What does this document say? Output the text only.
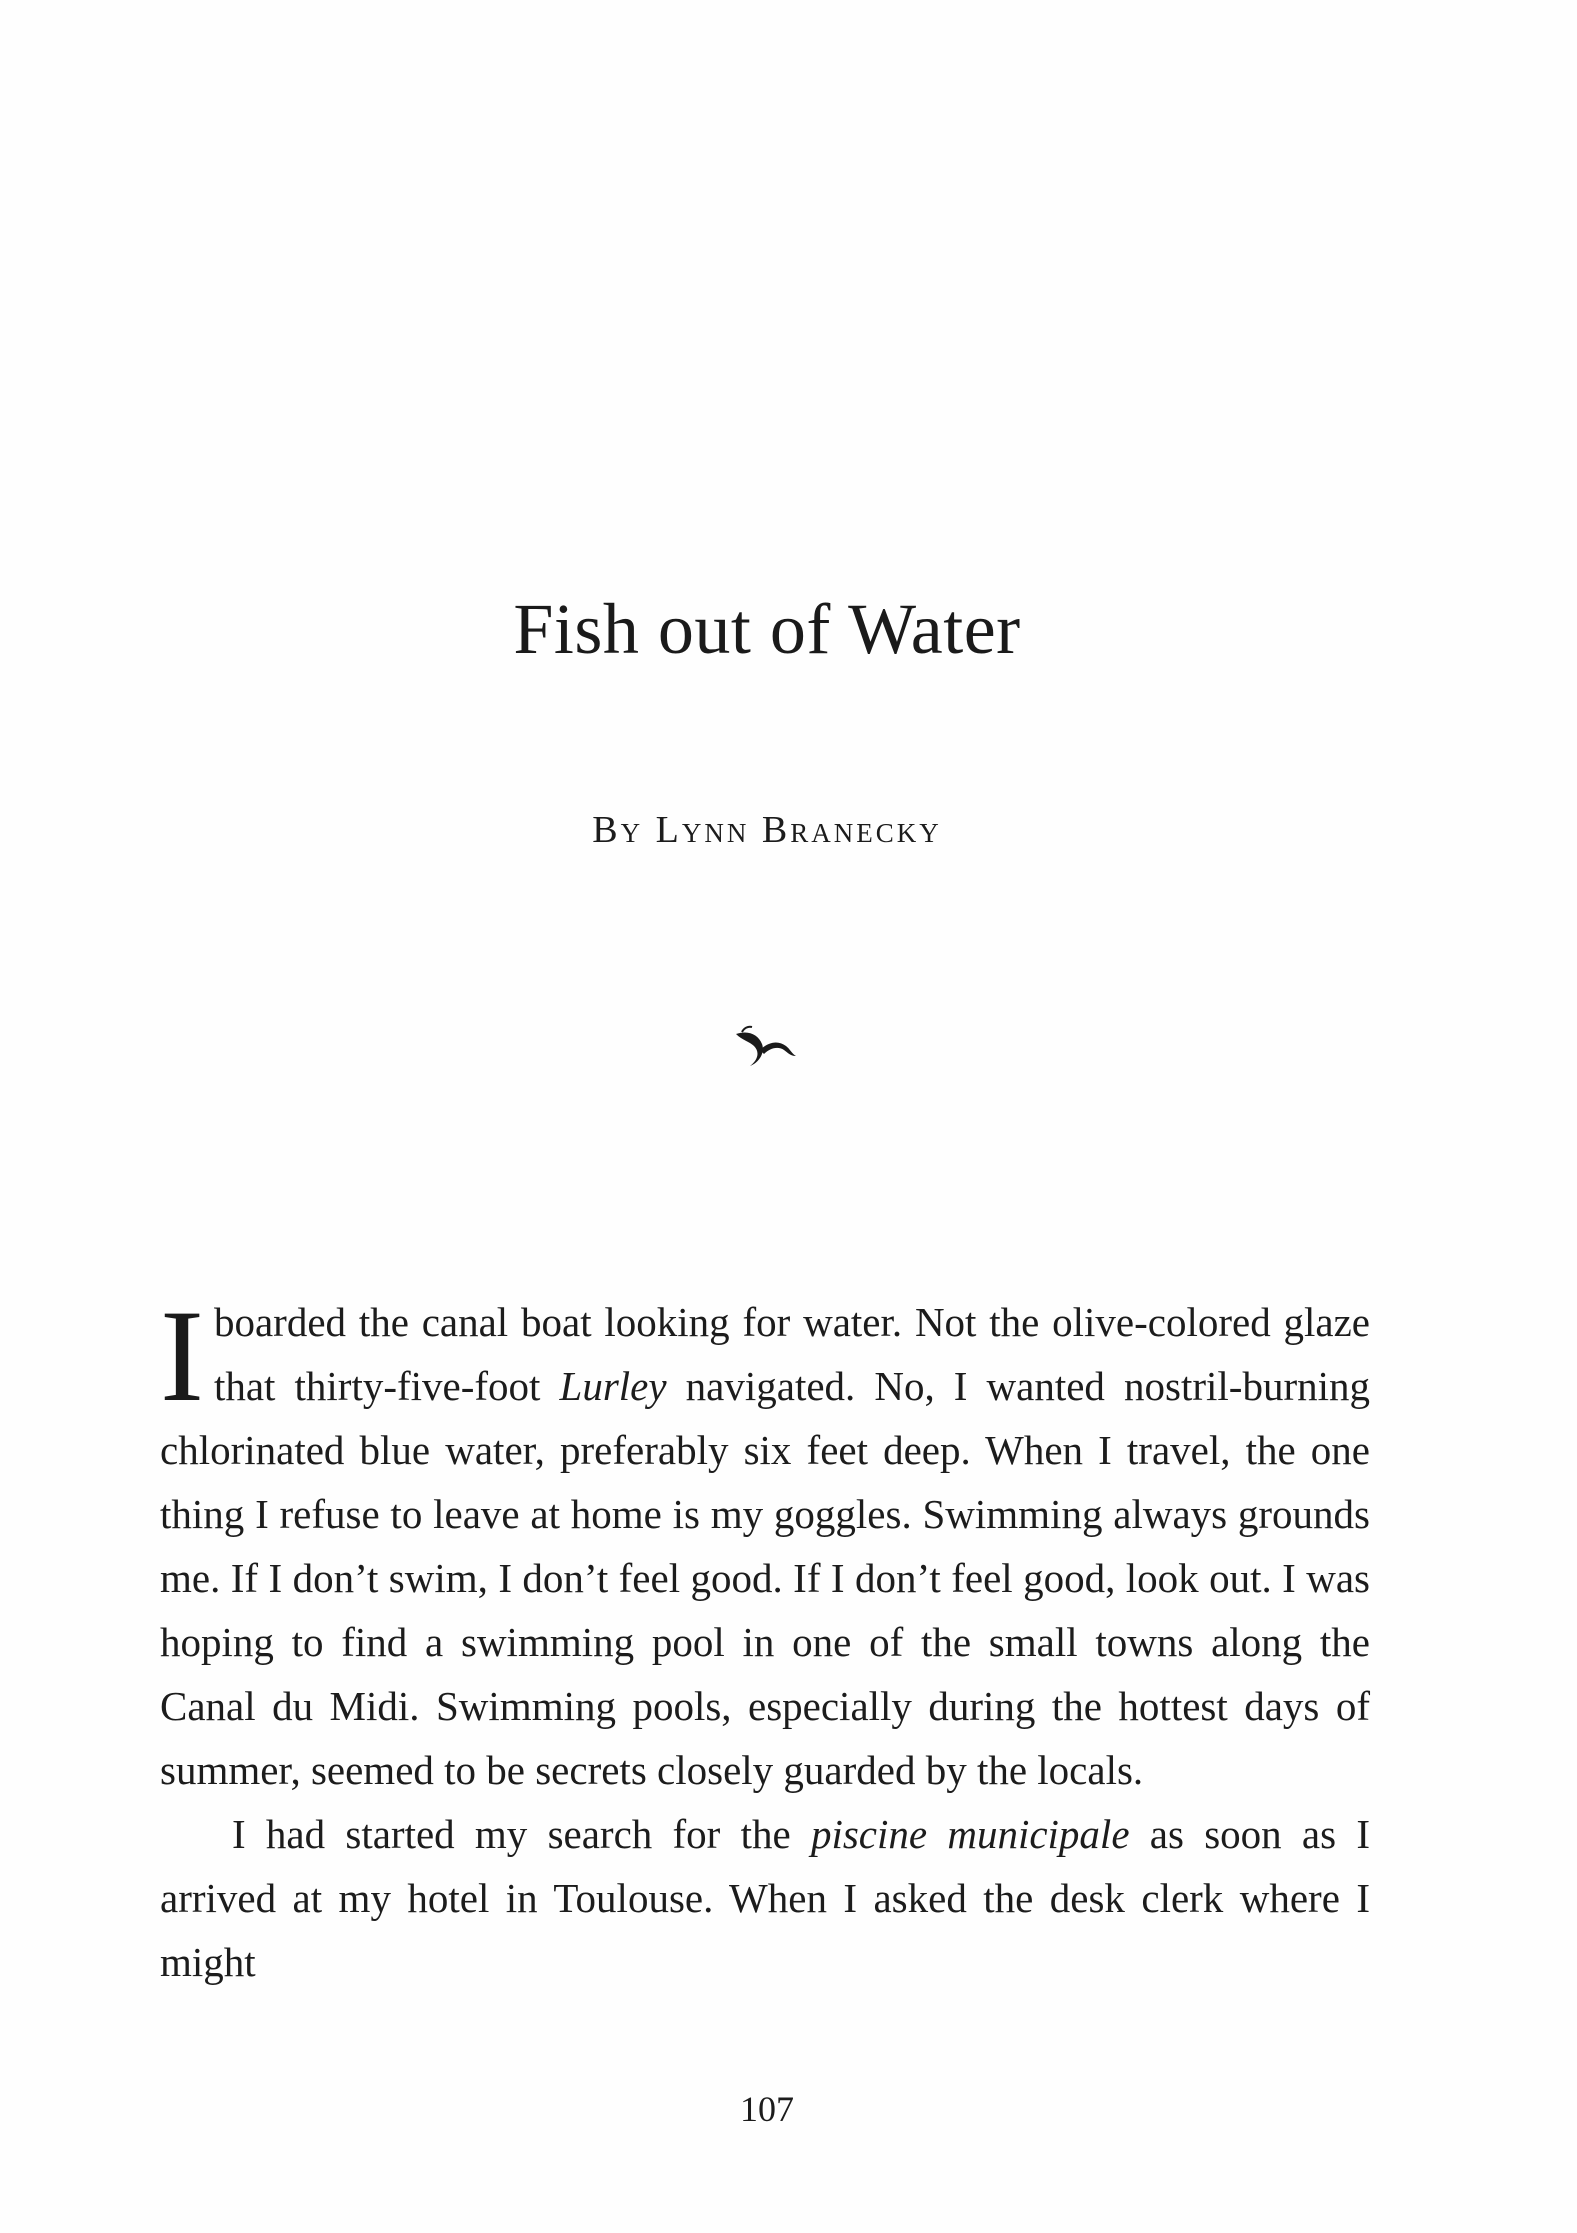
Fish out of Water

By Lynn Branecky

I boarded the canal boat looking for water. Not the olive-colored glaze that thirty-five-foot Lurley navigated. No, I wanted nostril-burning chlorinated blue water, preferably six feet deep. When I travel, the one thing I refuse to leave at home is my goggles. Swimming always grounds me. If I don’t swim, I don’t feel good. If I don’t feel good, look out. I was hoping to find a swimming pool in one of the small towns along the Canal du Midi. Swimming pools, especially during the hottest days of summer, seemed to be secrets closely guarded by the locals.

I had started my search for the piscine municipale as soon as I arrived at my hotel in Toulouse. When I asked the desk clerk where I might

107
